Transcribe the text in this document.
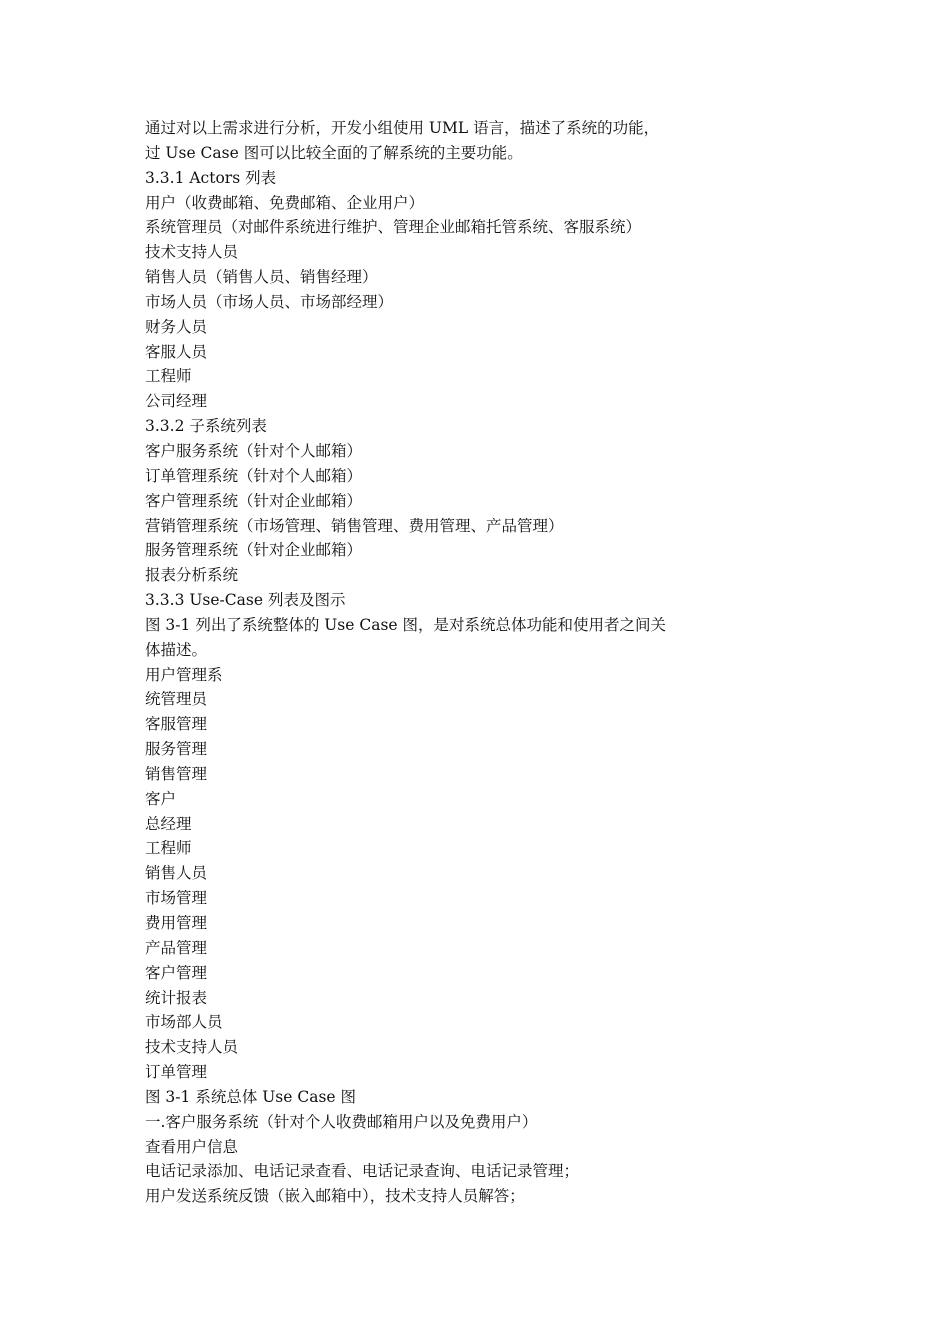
通过对以上需求进行分析，开发小组使用 UML 语言，描述了系统的功能，
过 Use Case 图可以比较全面的了解系统的主要功能。
3.3.1 Actors 列表
用户（收费邮箱、免费邮箱、企业用户）
系统管理员（对邮件系统进行维护、管理企业邮箱托管系统、客服系统）
技术支持人员
销售人员（销售人员、销售经理）
市场人员（市场人员、市场部经理）
财务人员
客服人员
工程师
公司经理
3.3.2 子系统列表
客户服务系统（针对个人邮箱）
订单管理系统（针对个人邮箱）
客户管理系统（针对企业邮箱）
营销管理系统（市场管理、销售管理、费用管理、产品管理）
服务管理系统（针对企业邮箱）
报表分析系统
3.3.3 Use-Case 列表及图示
图 3-1 列出了系统整体的 Use Case 图，是对系统总体功能和使用者之间关
体描述。
用户管理系
统管理员
客服管理
服务管理
销售管理
客户
总经理
工程师
销售人员
市场管理
费用管理
产品管理
客户管理
统计报表
市场部人员
技术支持人员
订单管理
图 3-1 系统总体 Use Case 图
一.客户服务系统（针对个人收费邮箱用户以及免费用户）
查看用户信息
电话记录添加、电话记录查看、电话记录查询、电话记录管理；
用户发送系统反馈（嵌入邮箱中），技术支持人员解答；
